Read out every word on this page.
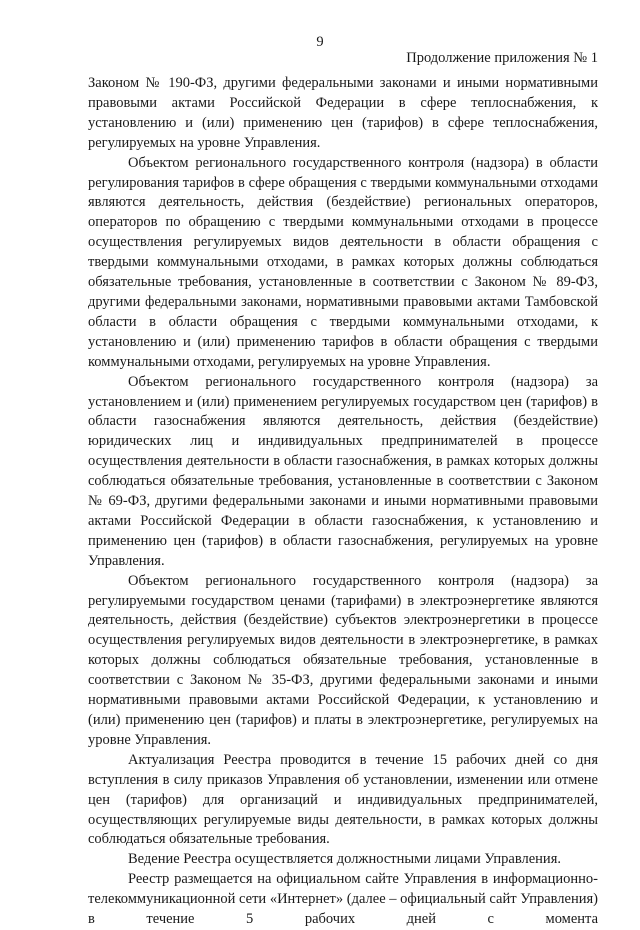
9
Продолжение приложения № 1

Законом № 190-ФЗ, другими федеральными законами и иными нормативными правовыми актами Российской Федерации в сфере теплоснабжения, к установлению и (или) применению цен (тарифов) в сфере теплоснабжения, регулируемых на уровне Управления.

Объектом регионального государственного контроля (надзора) в области регулирования тарифов в сфере обращения с твердыми коммунальными отходами являются деятельность, действия (бездействие) региональных операторов, операторов по обращению с твердыми коммунальными отходами в процессе осуществления регулируемых видов деятельности в области обращения с твердыми коммунальными отходами, в рамках которых должны соблюдаться обязательные требования, установленные в соответствии с Законом № 89-ФЗ, другими федеральными законами, нормативными правовыми актами Тамбовской области в области обращения с твердыми коммунальными отходами, к установлению и (или) применению тарифов в области обращения с твердыми коммунальными отходами, регулируемых на уровне Управления.

Объектом регионального государственного контроля (надзора) за установлением и (или) применением регулируемых государством цен (тарифов) в области газоснабжения являются деятельность, действия (бездействие) юридических лиц и индивидуальных предпринимателей в процессе осуществления деятельности в области газоснабжения, в рамках которых должны соблюдаться обязательные требования, установленные в соответствии с Законом № 69-ФЗ, другими федеральными законами и иными нормативными правовыми актами Российской Федерации в области газоснабжения, к установлению и применению цен (тарифов) в области газоснабжения, регулируемых на уровне Управления.

Объектом регионального государственного контроля (надзора) за регулируемыми государством ценами (тарифами) в электроэнергетике являются деятельность, действия (бездействие) субъектов электроэнергетики в процессе осуществления регулируемых видов деятельности в электроэнергетике, в рамках которых должны соблюдаться обязательные требования, установленные в соответствии с Законом № 35-ФЗ, другими федеральными законами и иными нормативными правовыми актами Российской Федерации, к установлению и (или) применению цен (тарифов) и платы в электроэнергетике, регулируемых на уровне Управления.

Актуализация Реестра проводится в течение 15 рабочих дней со дня вступления в силу приказов Управления об установлении, изменении или отмене цен (тарифов) для организаций и индивидуальных предпринимателей, осуществляющих регулируемые виды деятельности, в рамках которых должны соблюдаться обязательные требования.

Ведение Реестра осуществляется должностными лицами Управления.

Реестр размещается на официальном сайте Управления в информационно-телекоммуникационной сети «Интернет» (далее – официальный сайт Управления) в течение 5 рабочих дней с момента
